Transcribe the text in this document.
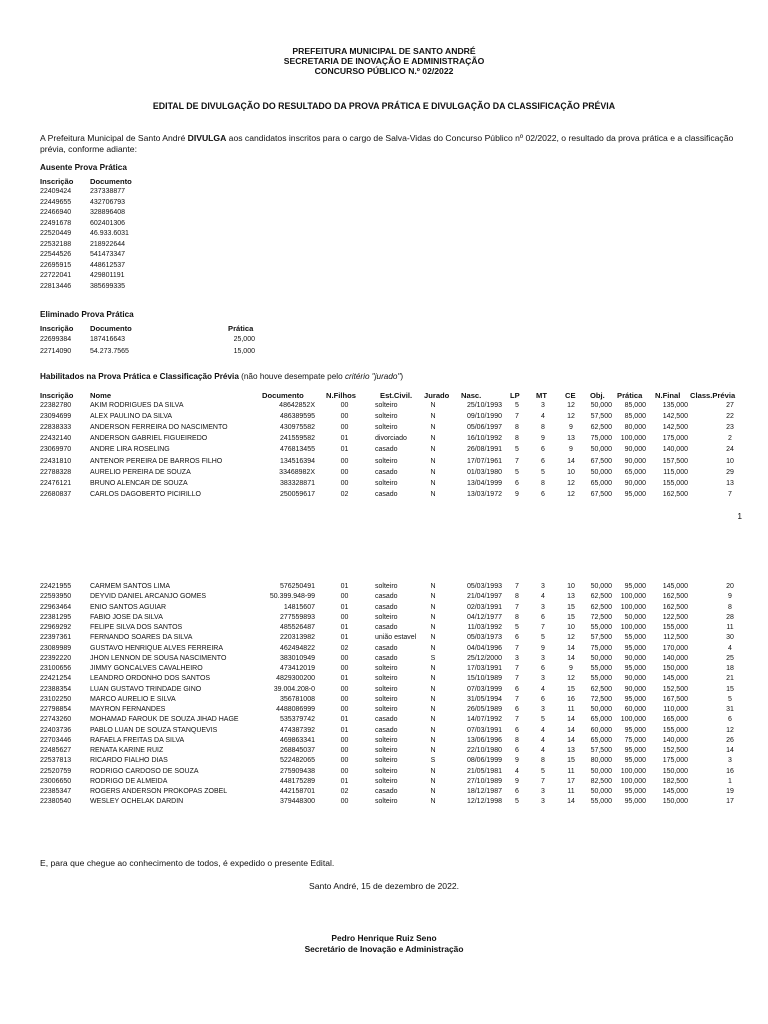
PREFEITURA MUNICIPAL DE SANTO ANDRÉ
SECRETARIA DE INOVAÇÃO E ADMINISTRAÇÃO
CONCURSO PÚBLICO N.º 02/2022
EDITAL DE DIVULGAÇÃO DO RESULTADO DA PROVA PRÁTICA E DIVULGAÇÃO DA CLASSIFICAÇÃO PRÉVIA
A Prefeitura Municipal de Santo André DIVULGA aos candidatos inscritos para o cargo de Salva-Vidas do Concurso Público nº 02/2022, o resultado da prova prática e a classificação prévia, conforme adiante:
Ausente Prova Prática
Inscrição Documento
22409424	237338877
22449655	432706793
22466940	328896408
22491678	602401306
22520449	46.933.6031
22532188	218922644
22544526	541473347
22695915	448612537
22722041	429801191
22813446	385699335
Eliminado Prova Prática
Inscrição Documento	Prática
22699384	187416643	25,000
22714090	54.273.7565	15,000
Habilitados na Prova Prática e Classificação Prévia (não houve desempate pelo critério "jurado")
Inscrição Nome	Documento	N.Filhos	Est.Civil. Jurado Nasc.	LP MT CE Obj. Prática N.Final Class.Prévia
22382780	AKIM RODRIGUES DA SILVA	48642852X	00	solteiro	N	25/10/1993	5	3	12	50,000	85,000	135,000	27
23094699	ALEX PAULINO DA SILVA	486389595	00	solteiro	N	09/10/1990	7	4	12	57,500	85,000	142,500	22
22838333	ANDERSON FERREIRA DO NASCIMENTO	430975582	00	solteiro	N	05/06/1997	8	8	9	62,500	80,000	142,500	23
22432140	ANDERSON GABRIEL FIGUEIREDO	241559582	01	divorciado	N	16/10/1992	8	9	13	75,000	100,000	175,000	2
23069970	ANDRE LIRA ROSELING	476813455	01	casado	N	26/08/1991	5	6	9	50,000	90,000	140,000	24
22431810	ANTENOR PEREIRA DE BARROS FILHO	134516394	00	solteiro	N	17/07/1961	7	6	14	67,500	90,000	157,500	10
22788328	AURELIO PEREIRA DE SOUZA	33468982X	00	casado	N	01/03/1980	5	5	10	50,000	65,000	115,000	29
22476121	BRUNO ALENCAR DE SOUZA	383328871	00	solteiro	N	13/04/1999	6	8	12	65,000	90,000	155,000	13
22680837	CARLOS DAGOBERTO PICIRILLO	250059617	02	casado	N	13/03/1972	9	6	12	67,500	95,000	162,500	7
22421955	CARMEM SANTOS LIMA	576250491	01	solteiro	N	05/03/1993	7	3	10	50,000	95,000	145,000	20
22593950	DEYVID DANIEL ARCANJO GOMES	50.399.948-99	00	casado	N	21/04/1997	8	4	13	62,500	100,000	162,500	9
22963464	ENIO SANTOS AGUIAR	14815607	01	casado	N	02/03/1991	7	3	15	62,500	100,000	162,500	8
22381295	FABIO JOSE DA SILVA	277559893	00	solteiro	N	04/12/1977	8	6	15	72,500	50,000	122,500	28
22969292	FELIPE SILVA DOS SANTOS	485526487	01	casado	N	11/03/1992	5	7	10	55,000	100,000	155,000	11
22397361	FERNANDO SOARES DA SILVA	220313982	01	união estavel	N	05/03/1973	6	5	12	57,500	55,000	112,500	30
23089989	GUSTAVO HENRIQUE ALVES FERREIRA	462494822	02	casado	N	04/04/1996	7	9	14	75,000	95,000	170,000	4
22392220	JHON LENNON DE SOUSA NASCIMENTO	383010949	00	casado	S	25/12/2000	3	3	14	50,000	90,000	140,000	25
23100656	JIMMY GONCALVES CAVALHEIRO	473412019	00	solteiro	N	17/03/1991	7	6	9	55,000	95,000	150,000	18
22421254	LEANDRO ORDONHO DOS SANTOS	4829300200	01	solteiro	N	15/10/1989	7	3	12	55,000	90,000	145,000	21
22388354	LUAN GUSTAVO TRINDADE GINO	39.004.208-0	00	solteiro	N	07/03/1999	6	4	15	62,500	90,000	152,500	15
23102250	MARCO AURELIO E SILVA	356781008	00	solteiro	N	31/05/1994	7	6	16	72,500	95,000	167,500	5
22798854	MAYRON FERNANDES	4488086999	00	solteiro	N	26/05/1989	6	3	11	50,000	60,000	110,000	31
22743260	MOHAMAD FAROUK DE SOUZA JIHAD HAGE	535379742	01	casado	N	14/07/1992	7	5	14	65,000	100,000	165,000	6
22403736	PABLO LUAN DE SOUZA STANQUEVIS	474387392	01	casado	N	07/03/1991	6	4	14	60,000	95,000	155,000	12
22703446	RAFAELA FREITAS DA SILVA	469863341	00	solteiro	N	13/06/1996	8	4	14	65,000	75,000	140,000	26
22485627	RENATA KARINE RUIZ	268845037	00	solteiro	N	22/10/1980	6	4	13	57,500	95,000	152,500	14
22537813	RICARDO FIALHO DIAS	522482065	00	solteiro	S	08/06/1999	9	8	15	80,000	95,000	175,000	3
22520759	RODRIGO CARDOSO DE SOUZA	275909438	00	solteiro	N	21/05/1981	4	5	11	50,000	100,000	150,000	16
23006650	RODRIGO DE ALMEIDA	448175289	01	solteiro	N	27/10/1989	9	7	17	82,500	100,000	182,500	1
22385347	ROGERS ANDERSON PROKOPAS ZOBEL	442158701	02	casado	N	18/12/1987	6	3	11	50,000	95,000	145,000	19
22380540	WESLEY OCHELAK DARDIN	379448300	00	solteiro	N	12/12/1998	5	3	14	55,000	95,000	150,000	17
1
E, para que chegue ao conhecimento de todos, é expedido o presente Edital.
Santo André, 15 de dezembro de 2022.
Pedro Henrique Ruiz Seno
Secretário de Inovação e Administração
